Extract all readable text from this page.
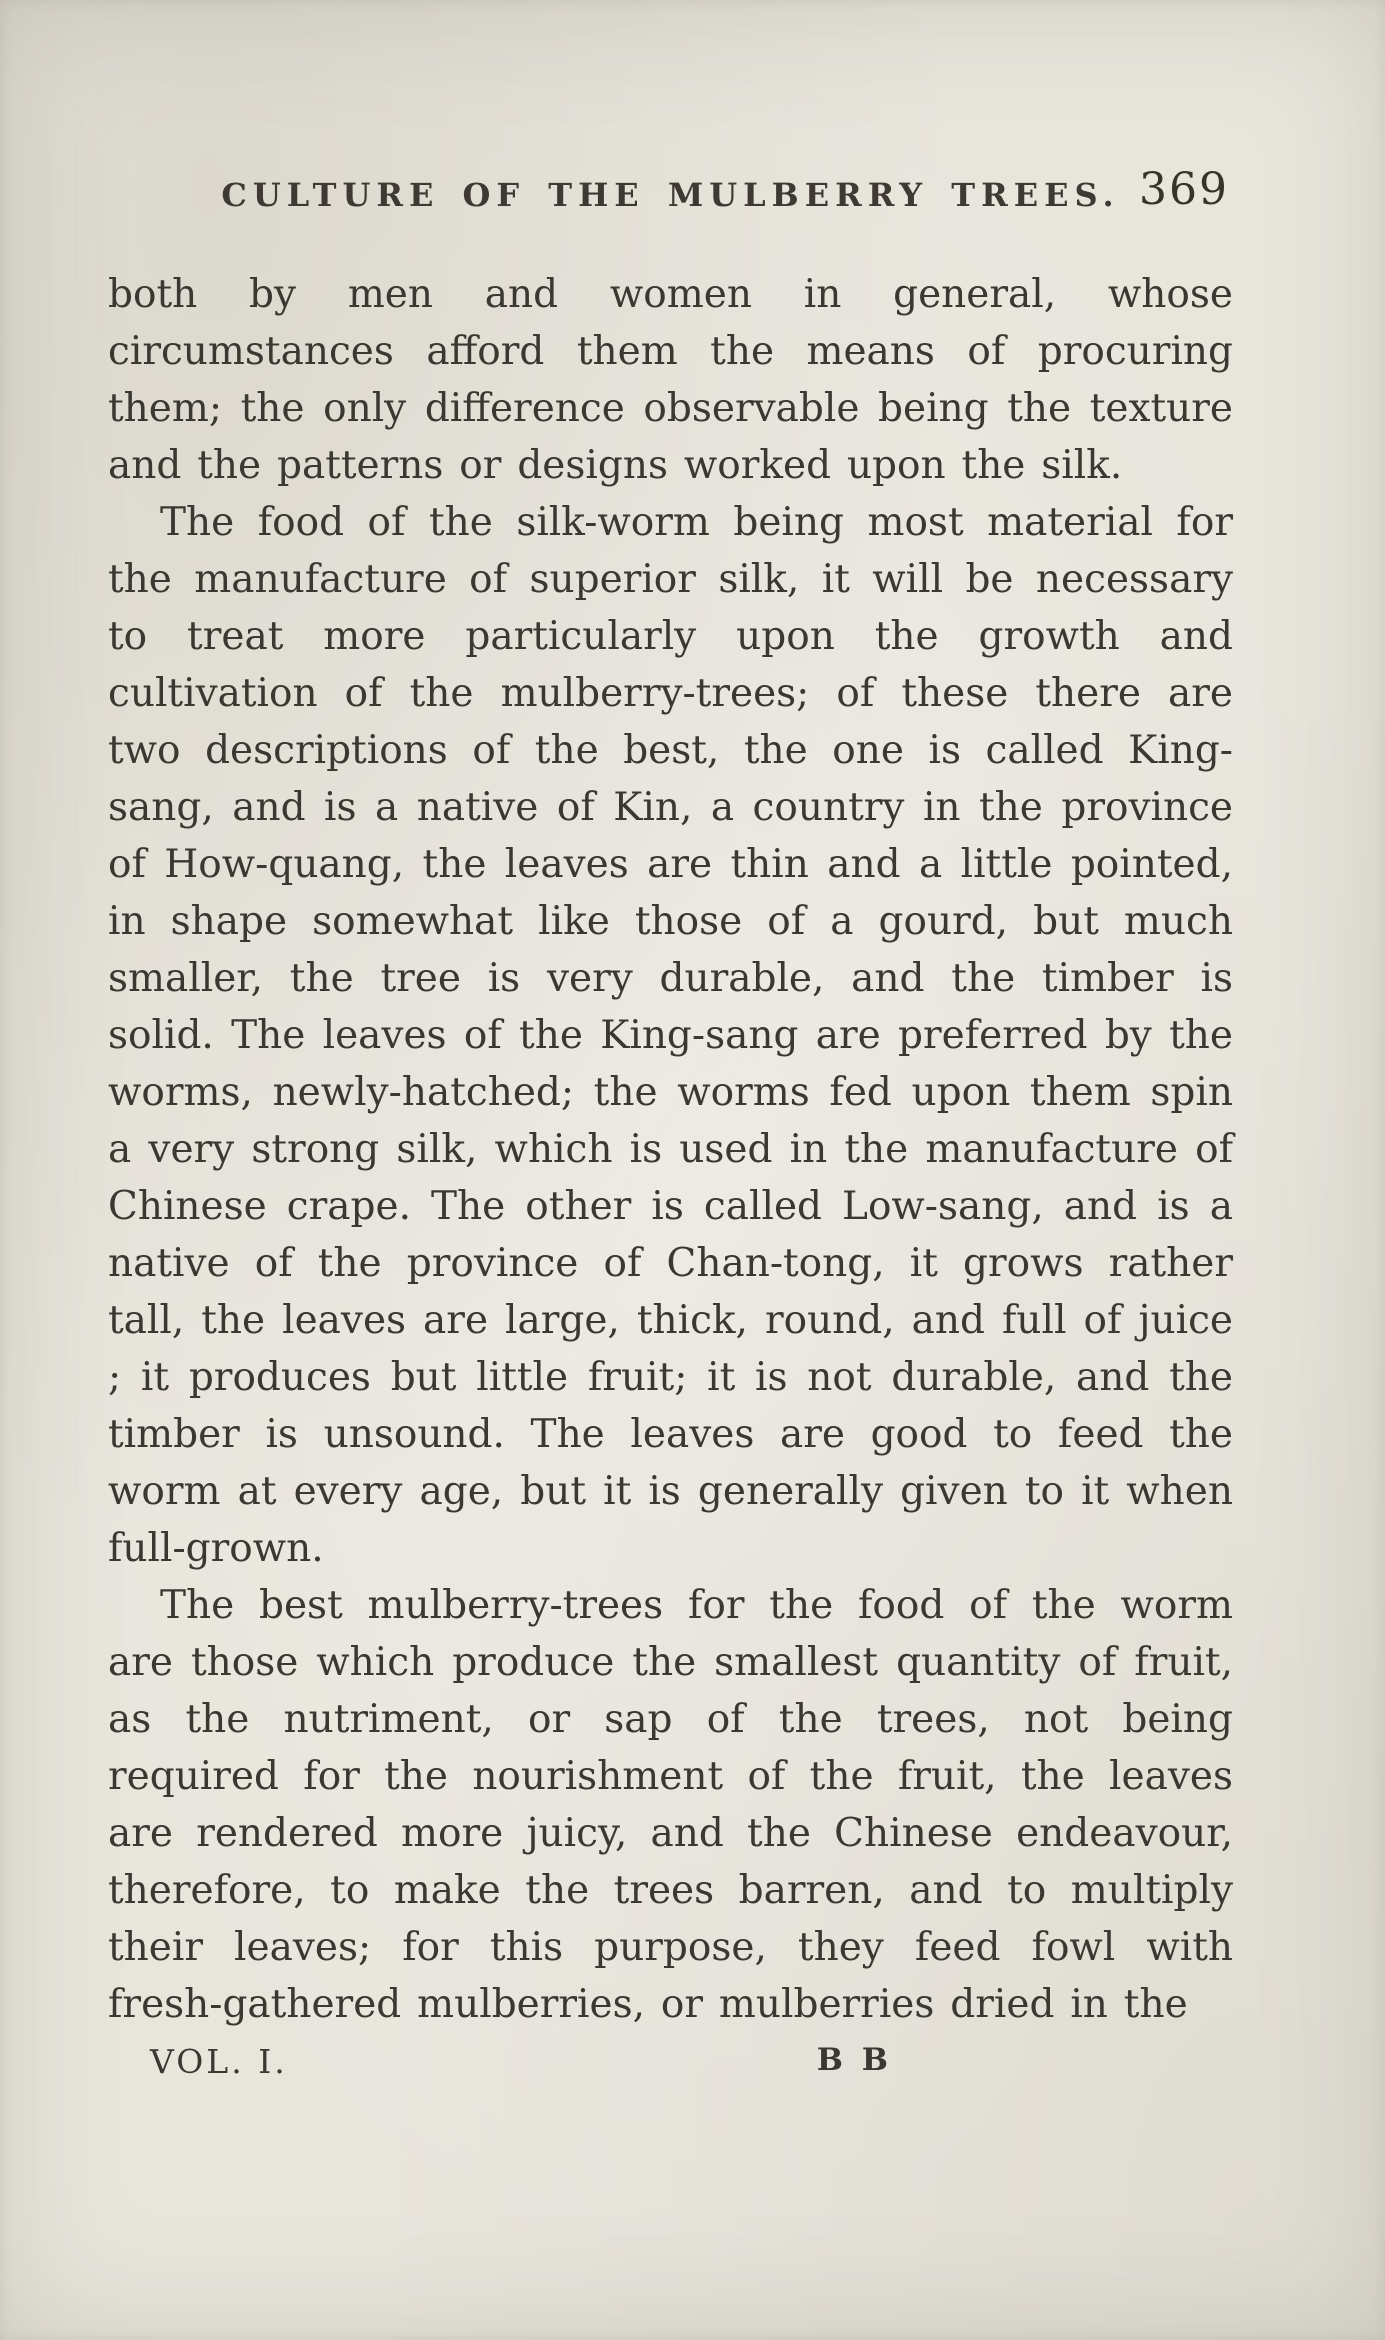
CULTURE OF THE MULBERRY TREES. 369

both by men and women in general, whose circumstances afford them the means of procuring them; the only difference observable being the texture and the patterns or designs worked upon the silk.

The food of the silk-worm being most material for the manufacture of superior silk, it will be necessary to treat more particularly upon the growth and cultivation of the mulberry-trees; of these there are two descriptions of the best, the one is called King-sang, and is a native of Kin, a country in the province of How-quang, the leaves are thin and a little pointed, in shape somewhat like those of a gourd, but much smaller, the tree is very durable, and the timber is solid. The leaves of the King-sang are preferred by the worms, newly-hatched; the worms fed upon them spin a very strong silk, which is used in the manufacture of Chinese crape. The other is called Low-sang, and is a native of the province of Chan-tong, it grows rather tall, the leaves are large, thick, round, and full of juice ; it produces but little fruit; it is not durable, and the timber is unsound. The leaves are good to feed the worm at every age, but it is generally given to it when full-grown.

The best mulberry-trees for the food of the worm are those which produce the smallest quantity of fruit, as the nutriment, or sap of the trees, not being required for the nourishment of the fruit, the leaves are rendered more juicy, and the Chinese endeavour, therefore, to make the trees barren, and to multiply their leaves; for this purpose, they feed fowl with fresh-gathered mulberries, or mulberries dried in the

VOL. I.	B B
